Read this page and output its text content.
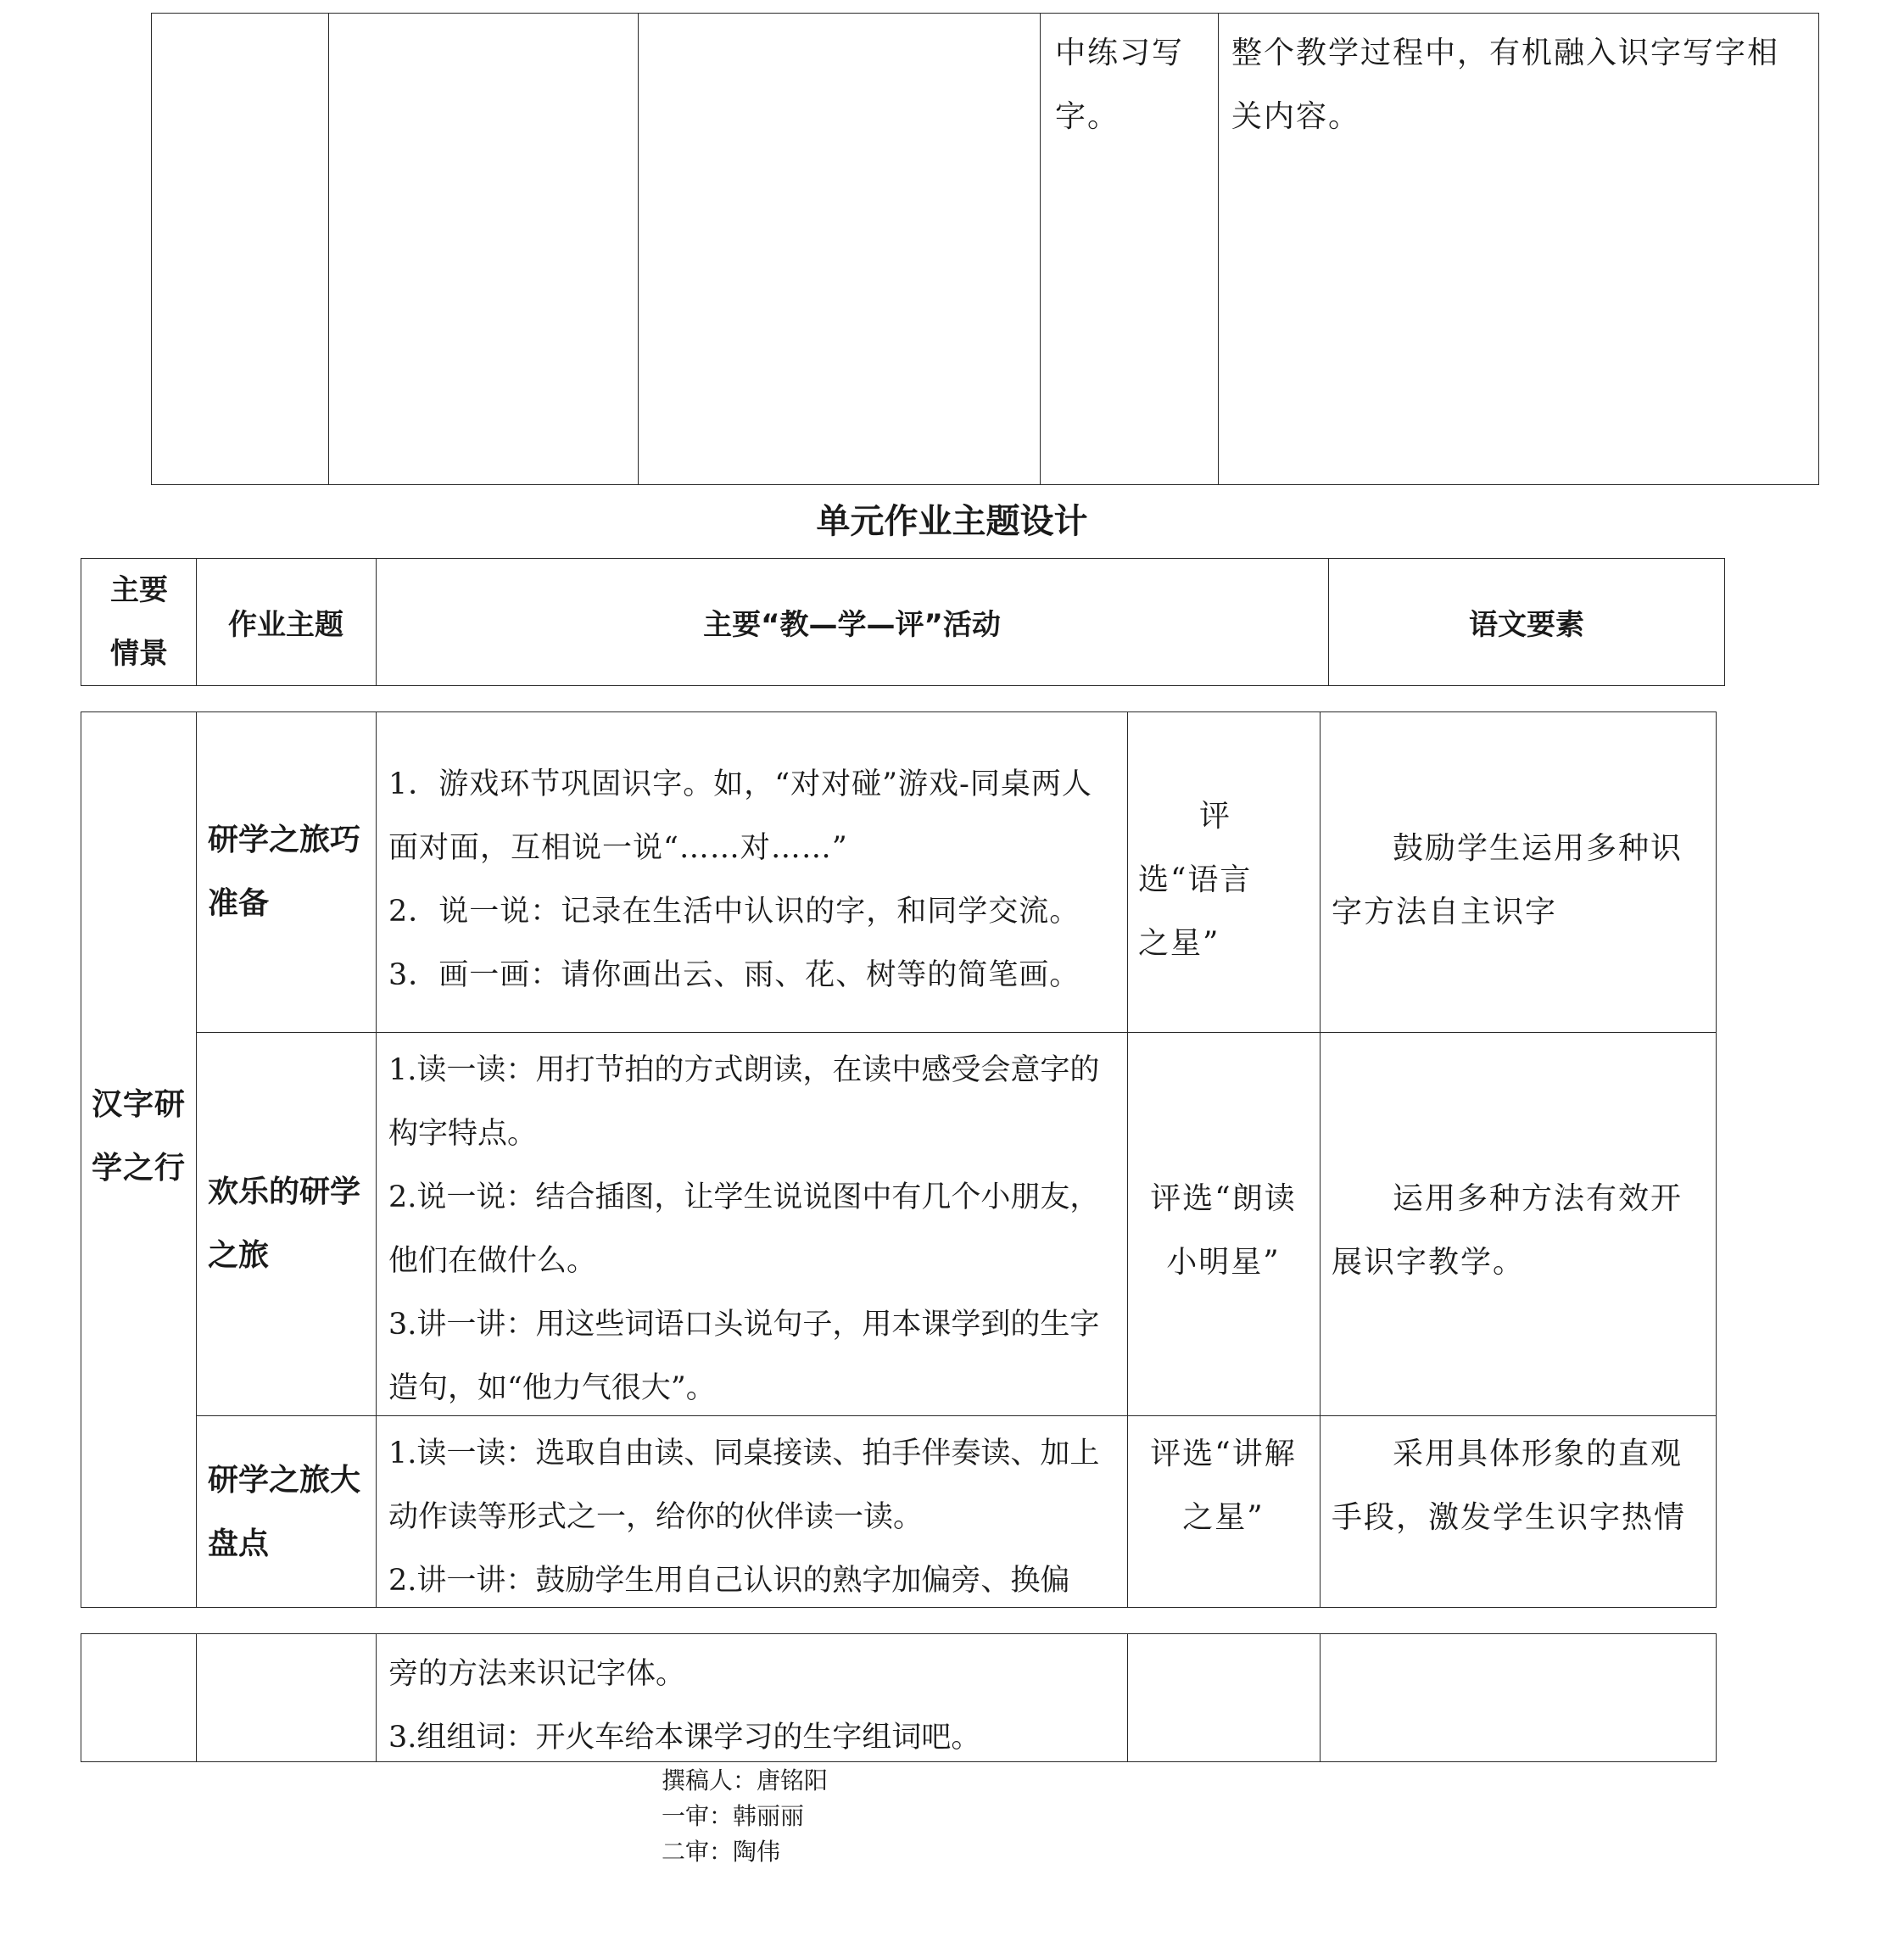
中练习写字。
整个教学过程中，有机融入识字写字相关内容。
单元作业主题设计
主要情景
作业主题	主要“教—学—评”活动	语文要素
汉字研学之行
研学之旅巧准备
1．游戏环节巩固识字。如，“对对碰”游戏-同桌两人面对面，互相说一说“……对……”
2．说一说：记录在生活中认识的字，和同学交流。
3．画一画：请你画出云、雨、花、树等的简笔画。
评选“语言之星”
鼓励学生运用多种识字方法自主识字
欢乐的研学之旅
1.读一读：用打节拍的方式朗读，在读中感受会意字的构字特点。
2.说一说：结合插图，让学生说说图中有几个小朋友，他们在做什么。
3.讲一讲：用这些词语口头说句子，用本课学到的生字造句，如“他力气很大”。
评选“朗读小明星”
运用多种方法有效开展识字教学。
研学之旅大盘点
1.读一读：选取自由读、同桌接读、拍手伴奏读、加上动作读等形式之一，给你的伙伴读一读。
2.讲一讲：鼓励学生用自己认识的熟字加偏旁、换偏
评选“讲解之星”
采用具体形象的直观手段，激发学生识字热情
旁的方法来识记字体。
3.组组词：开火车给本课学习的生字组词吧。
撰稿人：唐铭阳
一审：韩丽丽
二审：陶伟
